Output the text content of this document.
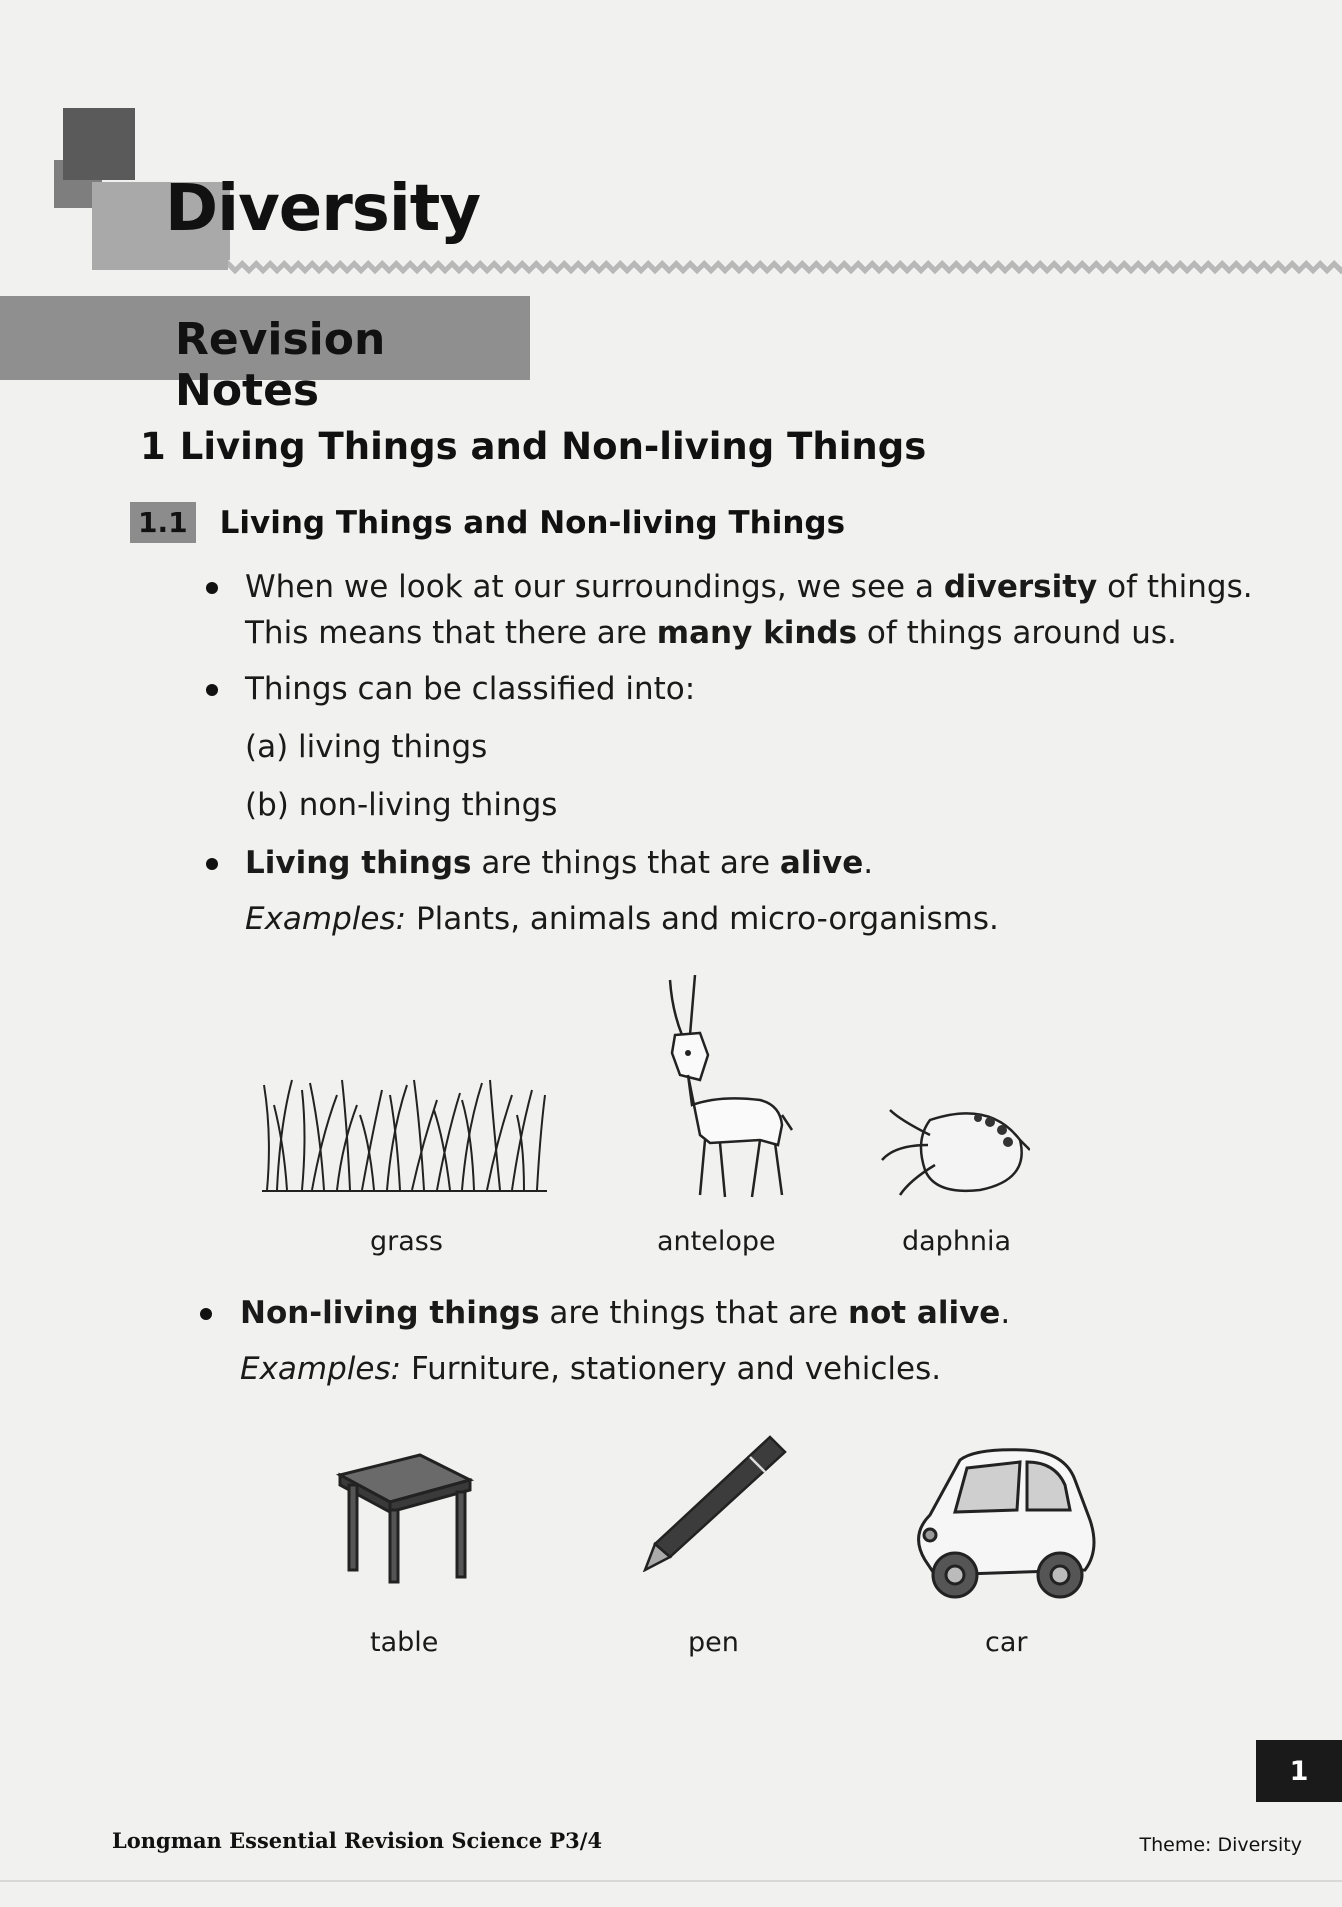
Diversity
Revision Notes
1 Living Things and Non-living Things
1.1 Living Things and Non-living Things
When we look at our surroundings, we see a diversity of things.
This means that there are many kinds of things around us.
Things can be classified into:
(a) living things
(b) non-living things
Living things are things that are alive.
Examples: Plants, animals and micro-organisms.
grass	antelope	daphnia
Non-living things are things that are not alive.
Examples: Furniture, stationery and vehicles.
table	pen	car
1
Longman Essential Revision Science P3/4	Theme: Diversity
